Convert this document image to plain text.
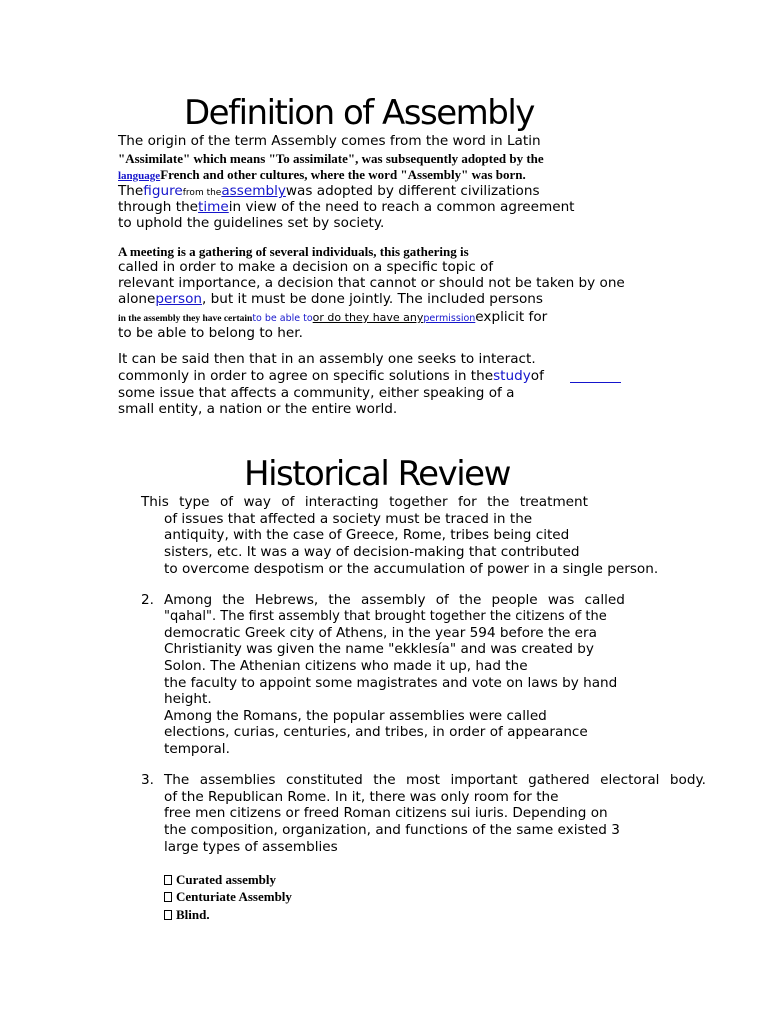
Definition of Assembly
The origin of the term Assembly comes from the word in Latin
"Assimilate" which means "To assimilate", was subsequently adopted by the
languageFrench and other cultures, where the word "Assembly" was born.
Thefigurefrom theassemblywas adopted by different civilizations
through thetimein view of the need to reach a common agreement
to uphold the guidelines set by society.
A meeting is a gathering of several individuals, this gathering is
called in order to make a decision on a specific topic of
relevant importance, a decision that cannot or should not be taken by one
aloneperson, but it must be done jointly. The included persons
in the assembly they have certainto be able toor do they have anypermissionexplicit for
to be able to belong to her.
It can be said then that in an assembly one seeks to interact.
commonly in order to agree on specific solutions in thestudyof
some issue that affects a community, either speaking of a
small entity, a nation or the entire world.
Historical Review
This type of way of interacting together for the treatment
of issues that affected a society must be traced in the
antiquity, with the case of Greece, Rome, tribes being cited
sisters, etc. It was a way of decision-making that contributed
to overcome despotism or the accumulation of power in a single person.
2. Among the Hebrews, the assembly of the people was called
"qahal". The first assembly that brought together the citizens of the
democratic Greek city of Athens, in the year 594 before the era
Christianity was given the name "ekklesía" and was created by
Solon. The Athenian citizens who made it up, had the
the faculty to appoint some magistrates and vote on laws by hand
height.
Among the Romans, the popular assemblies were called
elections, curias, centuries, and tribes, in order of appearance
temporal.
3. The assemblies constituted the most important gathered electoral body.
of the Republican Rome. In it, there was only room for the
free men citizens or freed Roman citizens sui iuris. Depending on
the composition, organization, and functions of the same existed 3
large types of assemblies
Curated assembly
Centuriate Assembly
Blind.
